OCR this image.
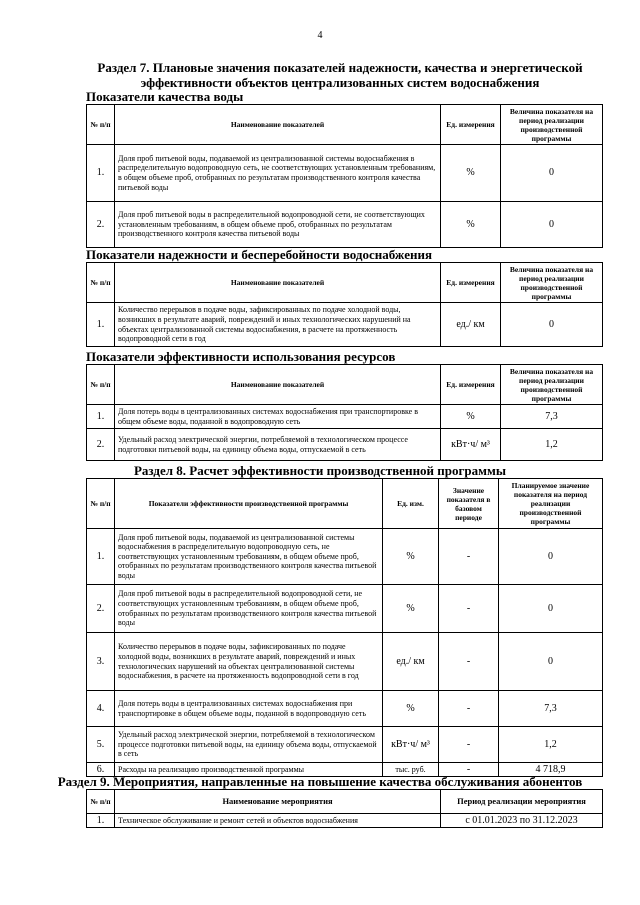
4
Раздел 7. Плановые значения показателей надежности, качества и энергетической
эффективности объектов централизованных систем водоснабжения
Показатели качества воды
№ п/п	Наименование показателей	Ед. измерения	Величина показателя на период реализации производственной программы
1.	Доля проб питьевой воды, подаваемой из централизованной системы водоснабжения в распределительную водопроводную сеть, не соответствующих установленным требованиям, в общем объеме проб, отобранных по результатам производственного контроля качества питьевой воды	%	0
2.	Доля проб питьевой воды в распределительной водопроводной сети, не соответствующих установленным требованиям, в общем объеме проб, отобранных по результатам производственного контроля качества питьевой воды	%	0
Показатели надежности и бесперебойности водоснабжения
№ п/п	Наименование показателей	Ед. измерения	Величина показателя на период реализации производственной программы
1.	Количество перерывов в подаче воды, зафиксированных по подаче холодной воды, возникших в результате аварий, повреждений и иных технологических нарушений на объектах централизованной системы водоснабжения, в расчете на протяженность водопроводной сети в год	ед./ км	0
Показатели эффективности использования ресурсов
№ п/п	Наименование показателей	Ед. измерения	Величина показателя на период реализации производственной программы
1.	Доля потерь воды в централизованных системах водоснабжения при транспортировке в общем объеме воды, поданной в водопроводную сеть	%	7,3
2.	Удельный расход электрической энергии, потребляемой в технологическом процессе подготовки питьевой воды, на единицу объема воды, отпускаемой в сеть	кВт·ч/ м³	1,2
Раздел 8. Расчет эффективности производственной программы
№ п/п	Показатели эффективности производственной программы	Ед. изм.	Значение показателя в базовом периоде	Планируемое значение показателя на период реализации производственной программы
1.	Доля проб питьевой воды, подаваемой из централизованной системы водоснабжения в распределительную водопроводную сеть, не соответствующих установленным требованиям, в общем объеме проб, отобранных по результатам производственного контроля качества питьевой воды	%	-	0
2.	Доля проб питьевой воды в распределительной водопроводной сети, не соответствующих установленным требованиям, в общем объеме проб, отобранных по результатам производственного контроля качества питьевой воды	%	-	0
3.	Количество перерывов в подаче воды, зафиксированных по подаче холодной воды, возникших в результате аварий, повреждений и иных технологических нарушений на объектах централизованной системы водоснабжения, в расчете на протяженность водопроводной сети в год	ед./ км	-	0
4.	Доля потерь воды в централизованных системах водоснабжения при транспортировке в общем объеме воды, поданной в водопроводную сеть	%	-	7,3
5.	Удельный расход электрической энергии, потребляемой в технологическом процессе подготовки питьевой воды, на единицу объема воды, отпускаемой в сеть	кВт·ч/ м³	-	1,2
6.	Расходы на реализацию производственной программы	тыс. руб.	-	4 718,9
Раздел 9. Мероприятия, направленные на повышение качества обслуживания абонентов
№ п/п	Наименование мероприятия	Период реализации мероприятия
1.	Техническое обслуживание и ремонт сетей и объектов водоснабжения	с 01.01.2023 по 31.12.2023
